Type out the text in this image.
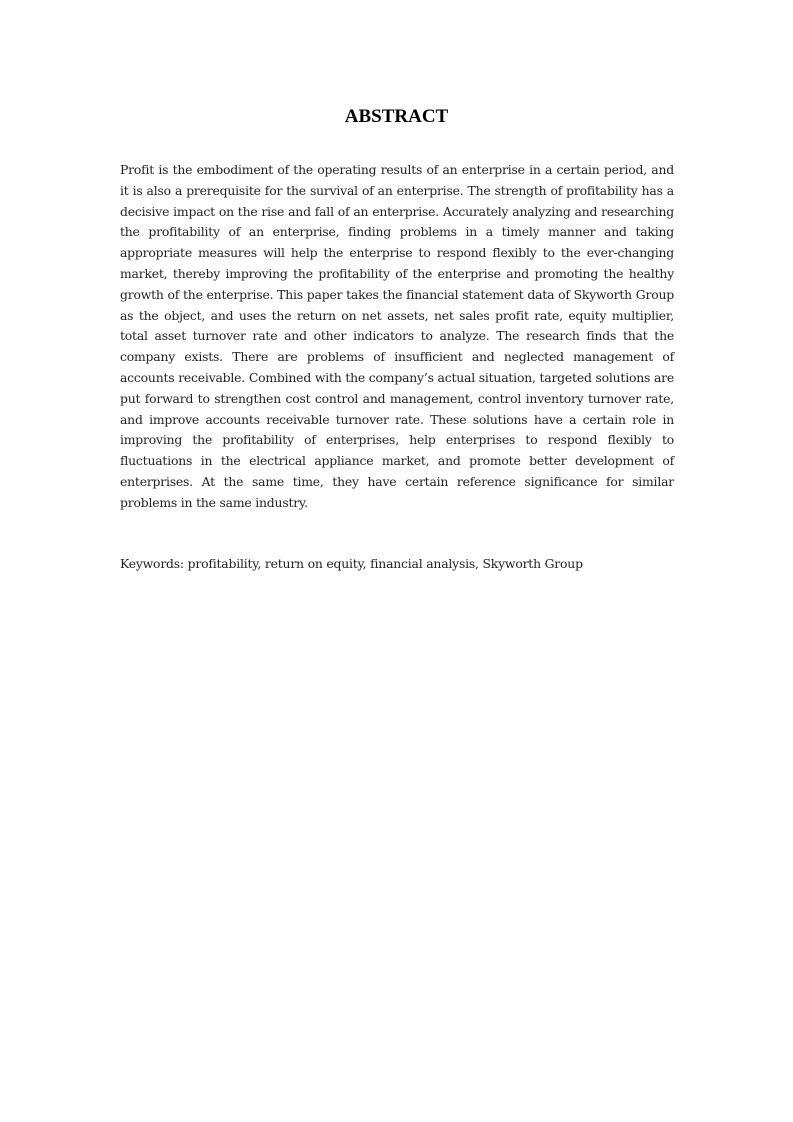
ABSTRACT

Profit is the embodiment of the operating results of an enterprise in a certain period, and it is also a prerequisite for the survival of an enterprise. The strength of profitability has a decisive impact on the rise and fall of an enterprise. Accurately analyzing and researching the profitability of an enterprise, finding problems in a timely manner and taking appropriate measures will help the enterprise to respond flexibly to the ever-changing market, thereby improving the profitability of the enterprise and promoting the healthy growth of the enterprise. This paper takes the financial statement data of Skyworth Group as the object, and uses the return on net assets, net sales profit rate, equity multiplier, total asset turnover rate and other indicators to analyze. The research finds that the company exists. There are problems of insufficient and neglected management of accounts receivable. Combined with the company’s actual situation, targeted solutions are put forward to strengthen cost control and management, control inventory turnover rate, and improve accounts receivable turnover rate. These solutions have a certain role in improving the profitability of enterprises, help enterprises to respond flexibly to fluctuations in the electrical appliance market, and promote better development of enterprises. At the same time, they have certain reference significance for similar problems in the same industry.

Keywords: profitability, return on equity, financial analysis, Skyworth Group
